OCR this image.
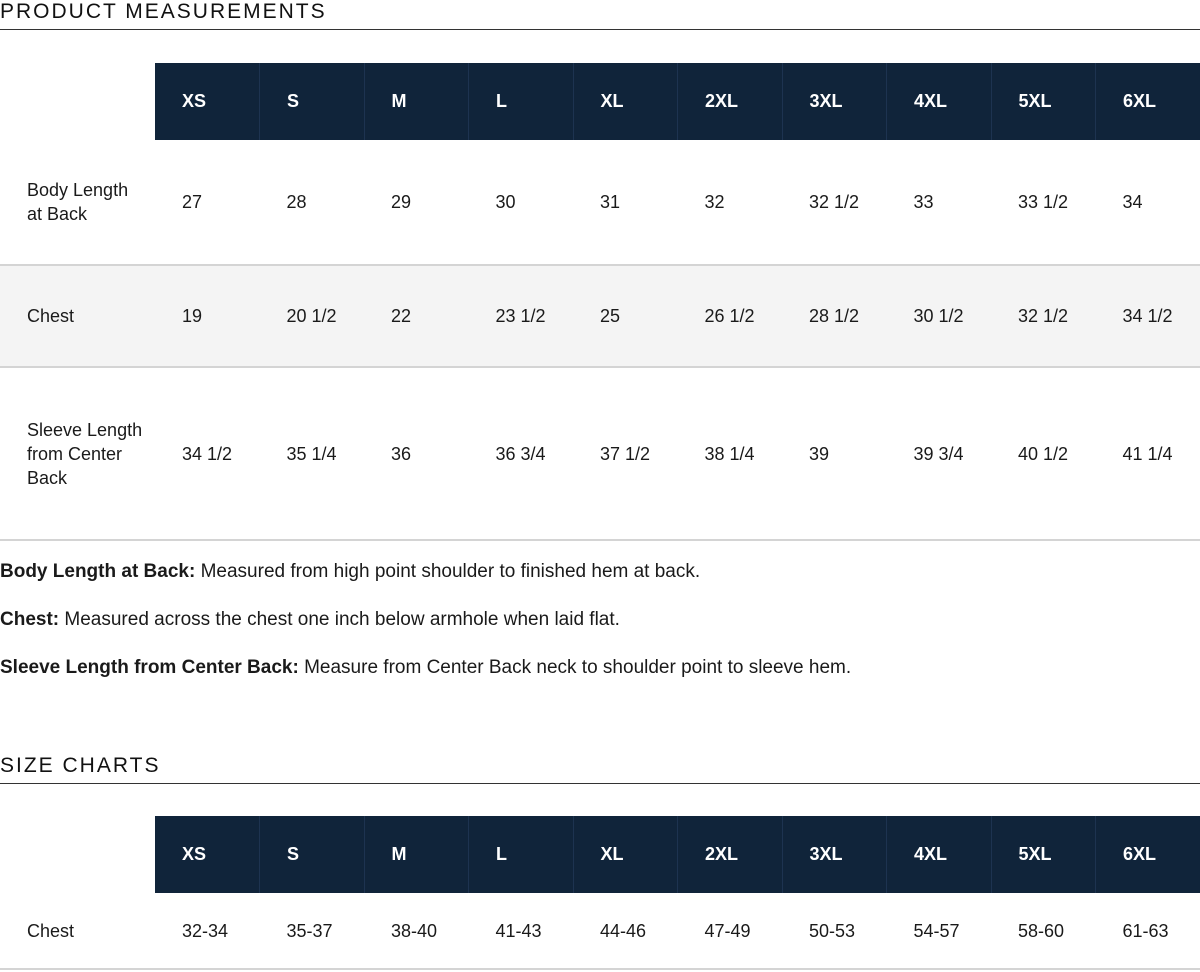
PRODUCT MEASUREMENTS
	XS	S	M	L	XL	2XL	3XL	4XL	5XL	6XL
Body Length at Back	27	28	29	30	31	32	32 1/2	33	33 1/2	34
Chest	19	20 1/2	22	23 1/2	25	26 1/2	28 1/2	30 1/2	32 1/2	34 1/2
Sleeve Length from Center Back	34 1/2	35 1/4	36	36 3/4	37 1/2	38 1/4	39	39 3/4	40 1/2	41 1/4

Body Length at Back: Measured from high point shoulder to finished hem at back.

Chest: Measured across the chest one inch below armhole when laid flat.

Sleeve Length from Center Back: Measure from Center Back neck to shoulder point to sleeve hem.

SIZE CHARTS
	XS	S	M	L	XL	2XL	3XL	4XL	5XL	6XL
Chest	32-34	35-37	38-40	41-43	44-46	47-49	50-53	54-57	58-60	61-63
